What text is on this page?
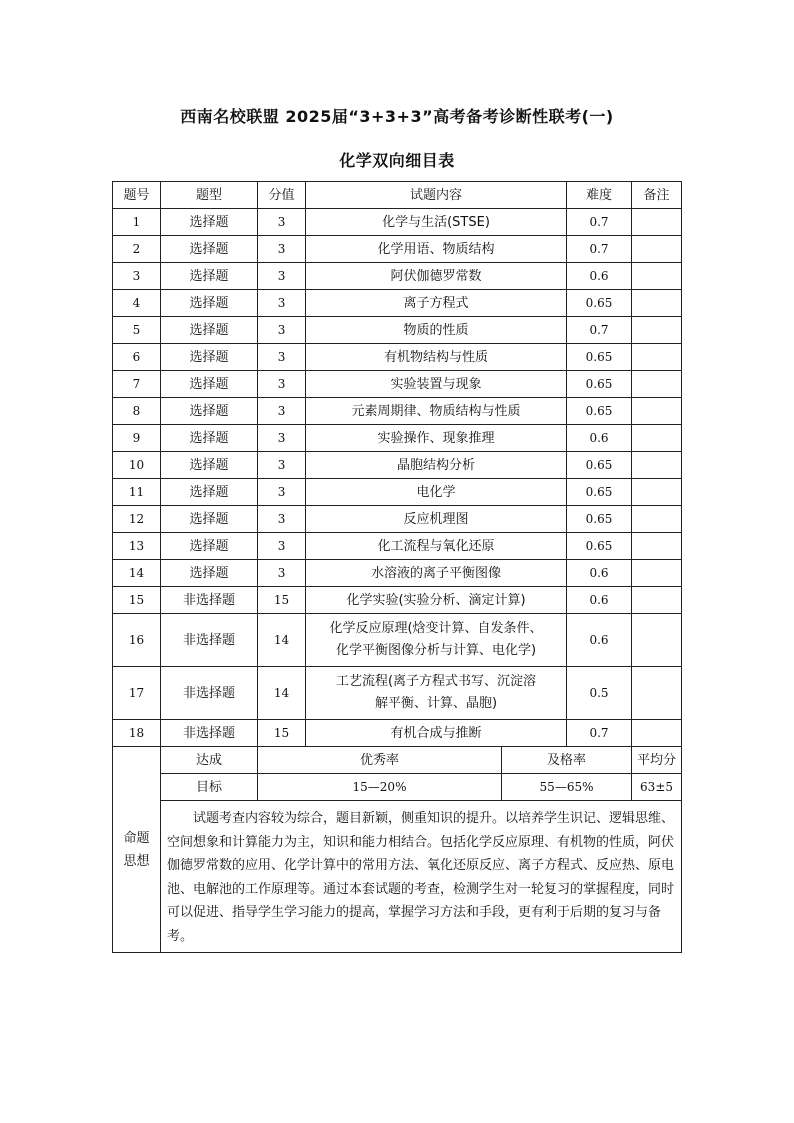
西南名校联盟 2025届“3+3+3”高考备考诊断性联考(一)
化学双向细目表
题号	题型	分值	试题内容		难度	备注
1	选择题	3	化学与生活(STSE)		0.7	
2	选择题	3	化学用语、物质结构		0.7	
3	选择题	3	阿伏伽德罗常数		0.6	
4	选择题	3	离子方程式		0.65	
5	选择题	3	物质的性质		0.7	
6	选择题	3	有机物结构与性质		0.65	
7	选择题	3	实验装置与现象		0.65	
8	选择题	3	元素周期律、物质结构与性质		0.65	
9	选择题	3	实验操作、现象推理		0.6	
10	选择题	3	晶胞结构分析		0.65	
11	选择题	3	电化学		0.65	
12	选择题	3	反应机理图		0.65	
13	选择题	3	化工流程与氧化还原		0.65	
14	选择题	3	水溶液的离子平衡图像		0.6	
15	非选择题	15	化学实验(实验分析、滴定计算)		0.6	
16	非选择题	14	化学反应原理(焓变计算、自发条件、
化学平衡图像分析与计算、电化学)		0.6	
17	非选择题	14	工艺流程(离子方程式书写、沉淀溶
解平衡、计算、晶胞)		0.5	
18	非选择题	15	有机合成与推断		0.7	

命题
思想	达成	优秀率		及格率		平均分
	目标	15—20%		55—65%		63±5

	试题考查内容较为综合，题目新颖，侧重知识的提升。以培养学生识记、逻辑思维、空间想象和计算能力为主，知识和能力相结合。包括化学反应原理、有机物的性质，阿伏伽德罗常数的应用、化学计算中的常用方法、氧化还原反应、离子方程式、反应热、原电池、电解池的工作原理等。通过本套试题的考查，检测学生对一轮复习的掌握程度，同时可以促进、指导学生学习能力的提高，掌握学习方法和手段，更有利于后期的复习与备考。					
